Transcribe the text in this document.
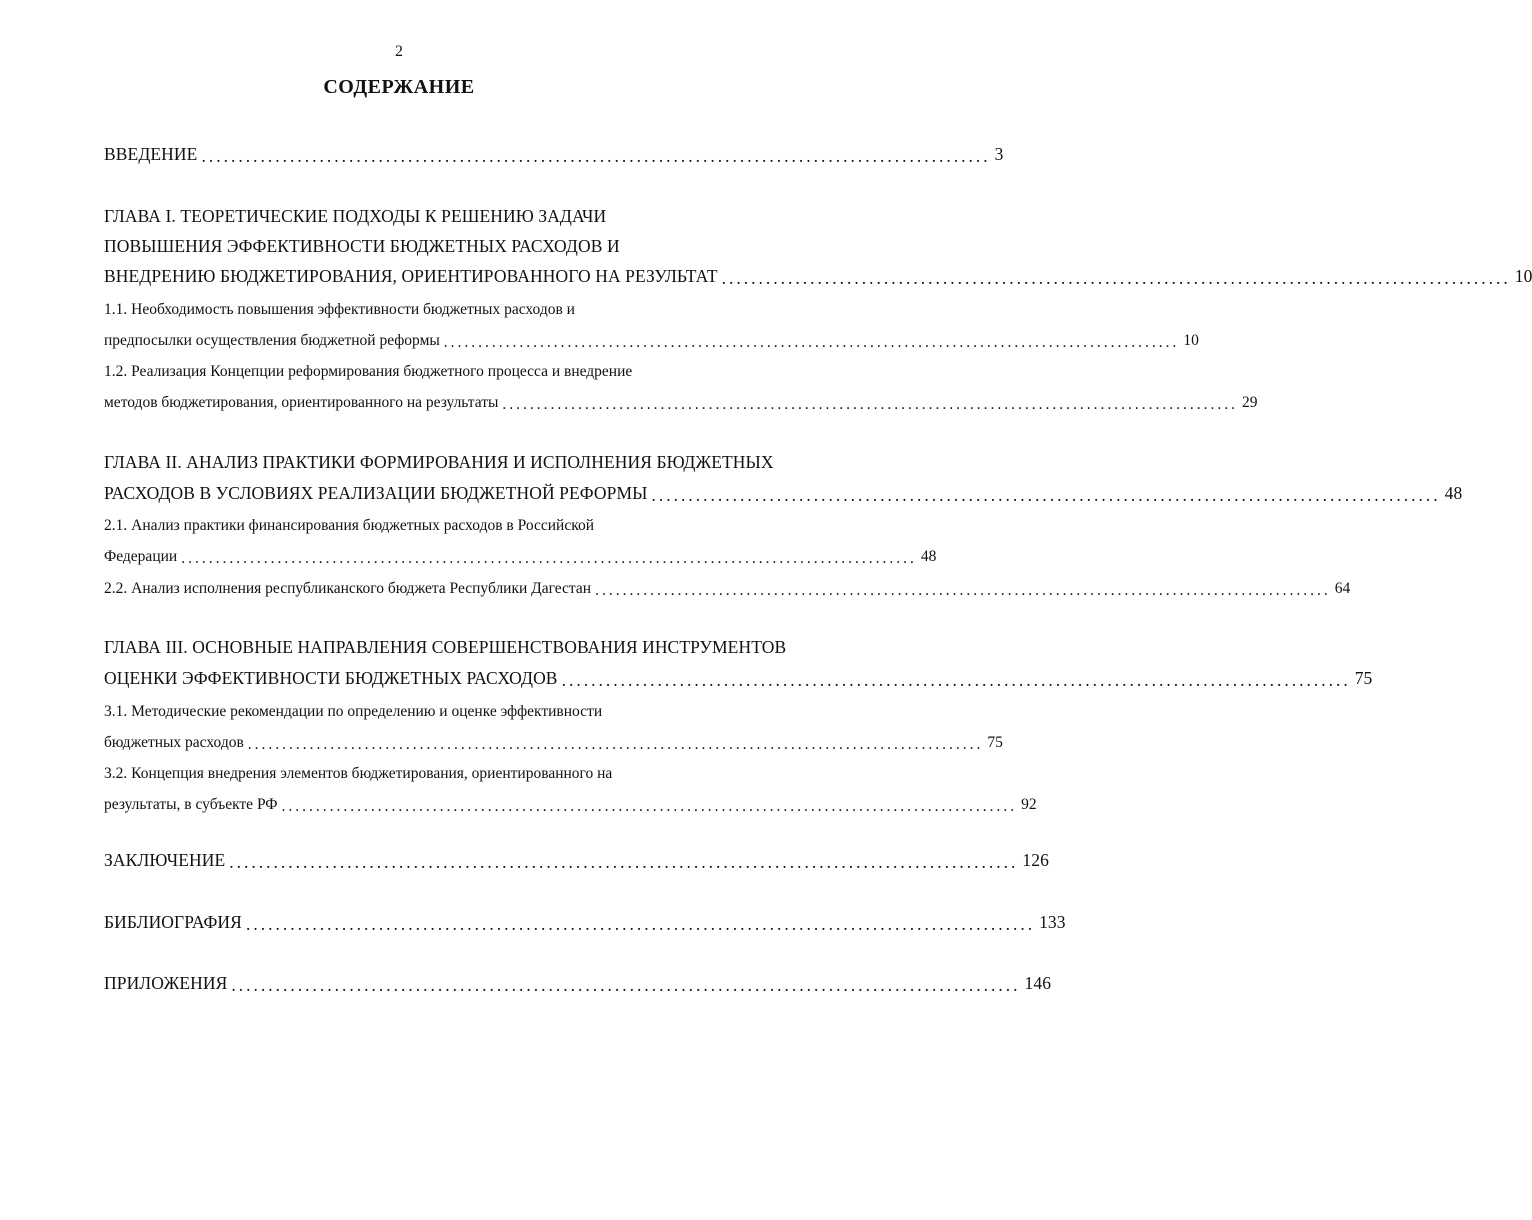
2
СОДЕРЖАНИЕ
ВВЕДЕНИЕ ........................................................................................................... 3
ГЛАВА I. ТЕОРЕТИЧЕСКИЕ ПОДХОДЫ К РЕШЕНИЮ ЗАДАЧИ
ПОВЫШЕНИЯ ЭФФЕКТИВНОСТИ БЮДЖЕТНЫХ РАСХОДОВ И
ВНЕДРЕНИЮ БЮДЖЕТИРОВАНИЯ, ОРИЕНТИРОВАННОГО НА РЕЗУЛЬТАТ ........................................................................................................... 10
1.1. Необходимость повышения эффективности бюджетных расходов и
предпосылки осуществления бюджетной реформы ........................................................................................................... 10
1.2. Реализация Концепции реформирования бюджетного процесса и внедрение
методов бюджетирования, ориентированного на результаты ........................................................................................................... 29
ГЛАВА II. АНАЛИЗ ПРАКТИКИ ФОРМИРОВАНИЯ И ИСПОЛНЕНИЯ БЮДЖЕТНЫХ
РАСХОДОВ В УСЛОВИЯХ РЕАЛИЗАЦИИ БЮДЖЕТНОЙ РЕФОРМЫ ........................................................................................................... 48
2.1. Анализ практики финансирования бюджетных расходов в Российской
Федерации ........................................................................................................... 48
2.2. Анализ исполнения республиканского бюджета Республики Дагестан ........................................................................................................... 64
ГЛАВА III. ОСНОВНЫЕ НАПРАВЛЕНИЯ СОВЕРШЕНСТВОВАНИЯ ИНСТРУМЕНТОВ
ОЦЕНКИ ЭФФЕКТИВНОСТИ БЮДЖЕТНЫХ РАСХОДОВ ........................................................................................................... 75
3.1. Методические рекомендации по определению и оценке эффективности
бюджетных расходов ........................................................................................................... 75
3.2. Концепция внедрения элементов бюджетирования, ориентированного на
результаты, в субъекте РФ ........................................................................................................... 92
ЗАКЛЮЧЕНИЕ ........................................................................................................... 126
БИБЛИОГРАФИЯ ........................................................................................................... 133
ПРИЛОЖЕНИЯ ........................................................................................................... 146
